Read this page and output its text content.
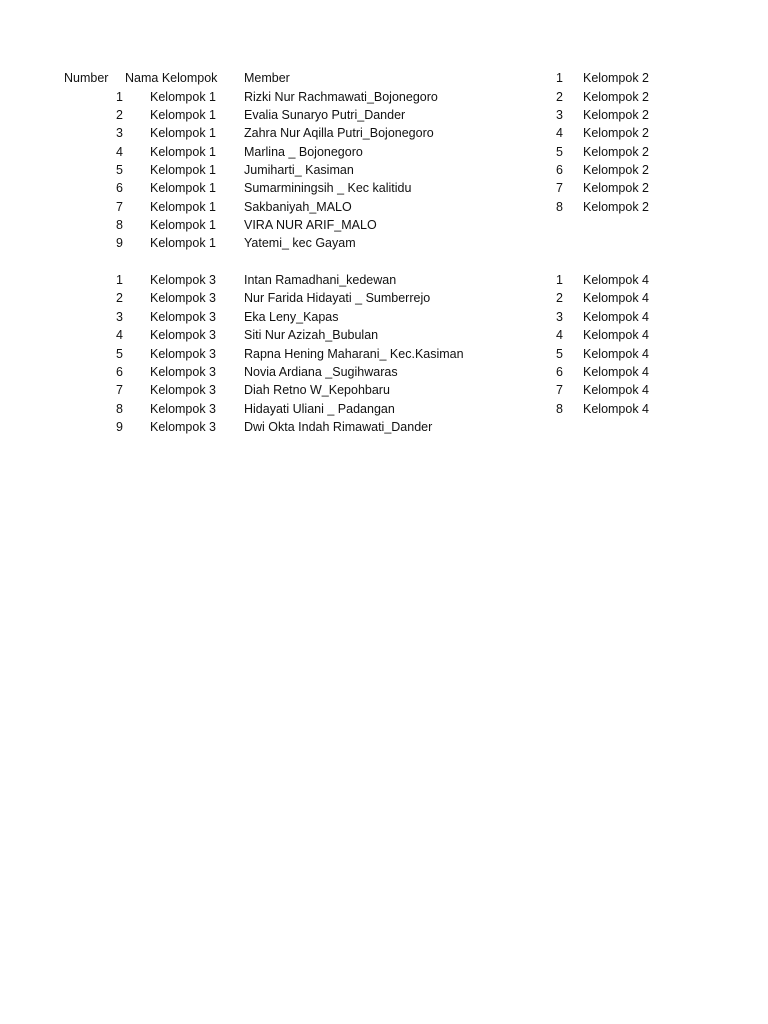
Number Nama Kelompok Member	1 Kelompok 2
1 Kelompok 1 Rizki Nur Rachmawati_Bojonegoro	2 Kelompok 2
2 Kelompok 1 Evalia Sunaryo Putri_Dander	3 Kelompok 2
3 Kelompok 1 Zahra Nur Aqilla Putri_Bojonegoro	4 Kelompok 2
4 Kelompok 1 Marlina _ Bojonegoro	5 Kelompok 2
5 Kelompok 1 Jumiharti_ Kasiman	6 Kelompok 2
6 Kelompok 1 Sumarminingsih _ Kec kalitidu	7 Kelompok 2
7 Kelompok 1 Sakbaniyah_MALO	8 Kelompok 2
8 Kelompok 1 VIRA NUR ARIF_MALO
9 Kelompok 1 Yatemi_ kec Gayam
1 Kelompok 3 Intan Ramadhani_kedewan	1 Kelompok 4
2 Kelompok 3 Nur Farida Hidayati _ Sumberrejo	2 Kelompok 4
3 Kelompok 3 Eka Leny_Kapas	3 Kelompok 4
4 Kelompok 3 Siti Nur Azizah_Bubulan	4 Kelompok 4
5 Kelompok 3 Rapna Hening Maharani_ Kec.Kasiman	5 Kelompok 4
6 Kelompok 3 Novia Ardiana _Sugihwaras	6 Kelompok 4
7 Kelompok 3 Diah Retno W_Kepohbaru	7 Kelompok 4
8 Kelompok 3 Hidayati Uliani _ Padangan	8 Kelompok 4
9 Kelompok 3 Dwi Okta Indah Rimawati_Dander
